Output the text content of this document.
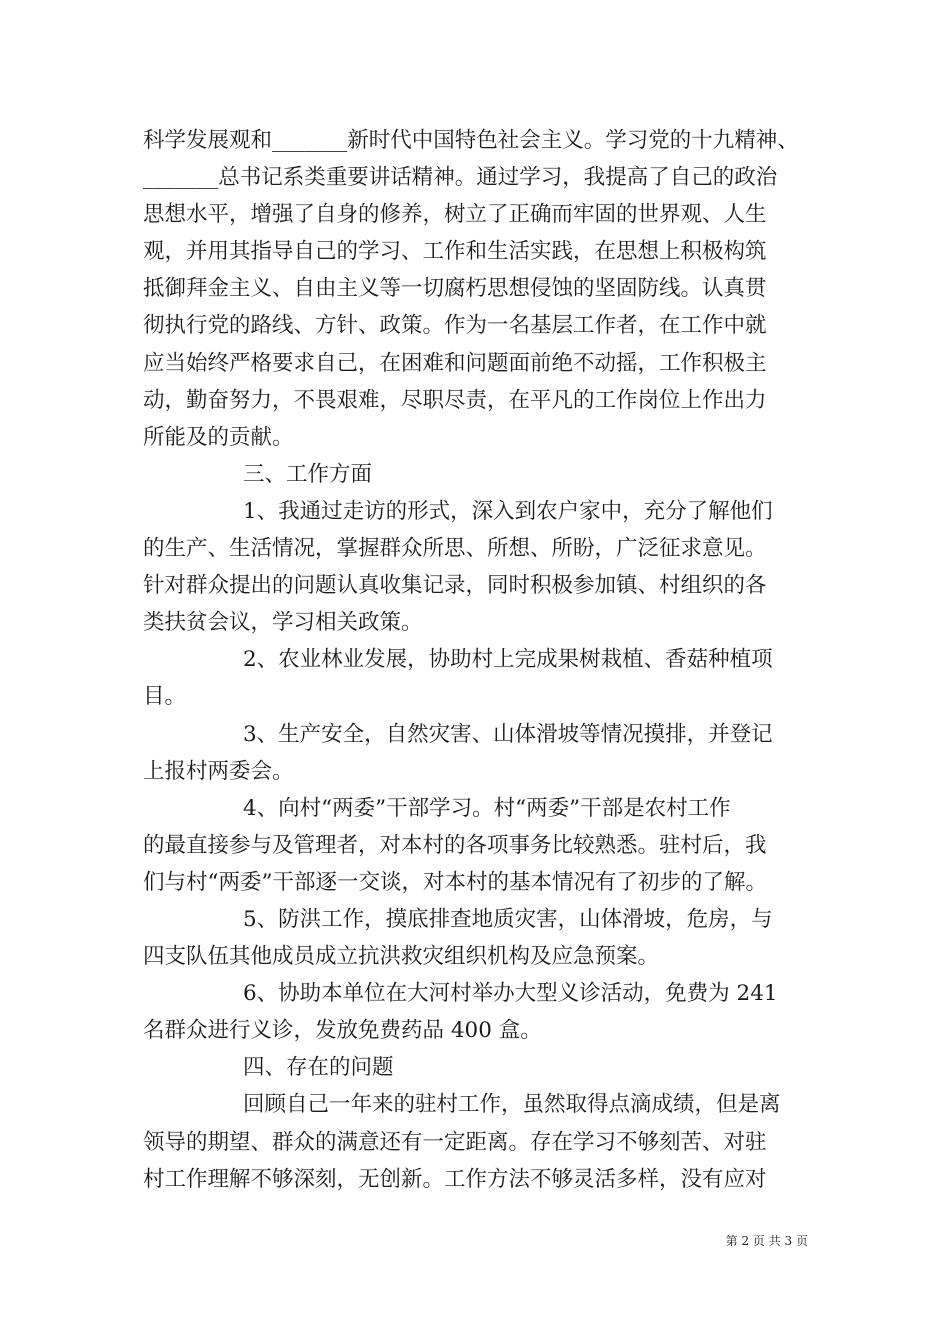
科学发展观和_______新时代中国特色社会主义。学习党的十九精神、
_______总书记系类重要讲话精神。通过学习，我提高了自己的政治
思想水平，增强了自身的修养，树立了正确而牢固的世界观、人生
观，并用其指导自己的学习、工作和生活实践，在思想上积极构筑
抵御拜金主义、自由主义等一切腐朽思想侵蚀的坚固防线。认真贯
彻执行党的路线、方针、政策。作为一名基层工作者，在工作中就
应当始终严格要求自己，在困难和问题面前绝不动摇，工作积极主
动，勤奋努力，不畏艰难，尽职尽责，在平凡的工作岗位上作出力
所能及的贡献。
三、工作方面
1、我通过走访的形式，深入到农户家中，充分了解他们
的生产、生活情况，掌握群众所思、所想、所盼，广泛征求意见。
针对群众提出的问题认真收集记录，同时积极参加镇、村组织的各
类扶贫会议，学习相关政策。
2、农业林业发展，协助村上完成果树栽植、香菇种植项
目。
3、生产安全，自然灾害、山体滑坡等情况摸排，并登记
上报村两委会。
4、向村“两委”干部学习。村“两委”干部是农村工作
的最直接参与及管理者，对本村的各项事务比较熟悉。驻村后，我
们与村“两委”干部逐一交谈，对本村的基本情况有了初步的了解。
5、防洪工作，摸底排查地质灾害，山体滑坡，危房，与
四支队伍其他成员成立抗洪救灾组织机构及应急预案。
6、协助本单位在大河村举办大型义诊活动，免费为 241
名群众进行义诊，发放免费药品 400 盒。
四、存在的问题
回顾自己一年来的驻村工作，虽然取得点滴成绩，但是离
领导的期望、群众的满意还有一定距离。存在学习不够刻苦、对驻
村工作理解不够深刻，无创新。工作方法不够灵活多样，没有应对
第 2 页 共 3 页
